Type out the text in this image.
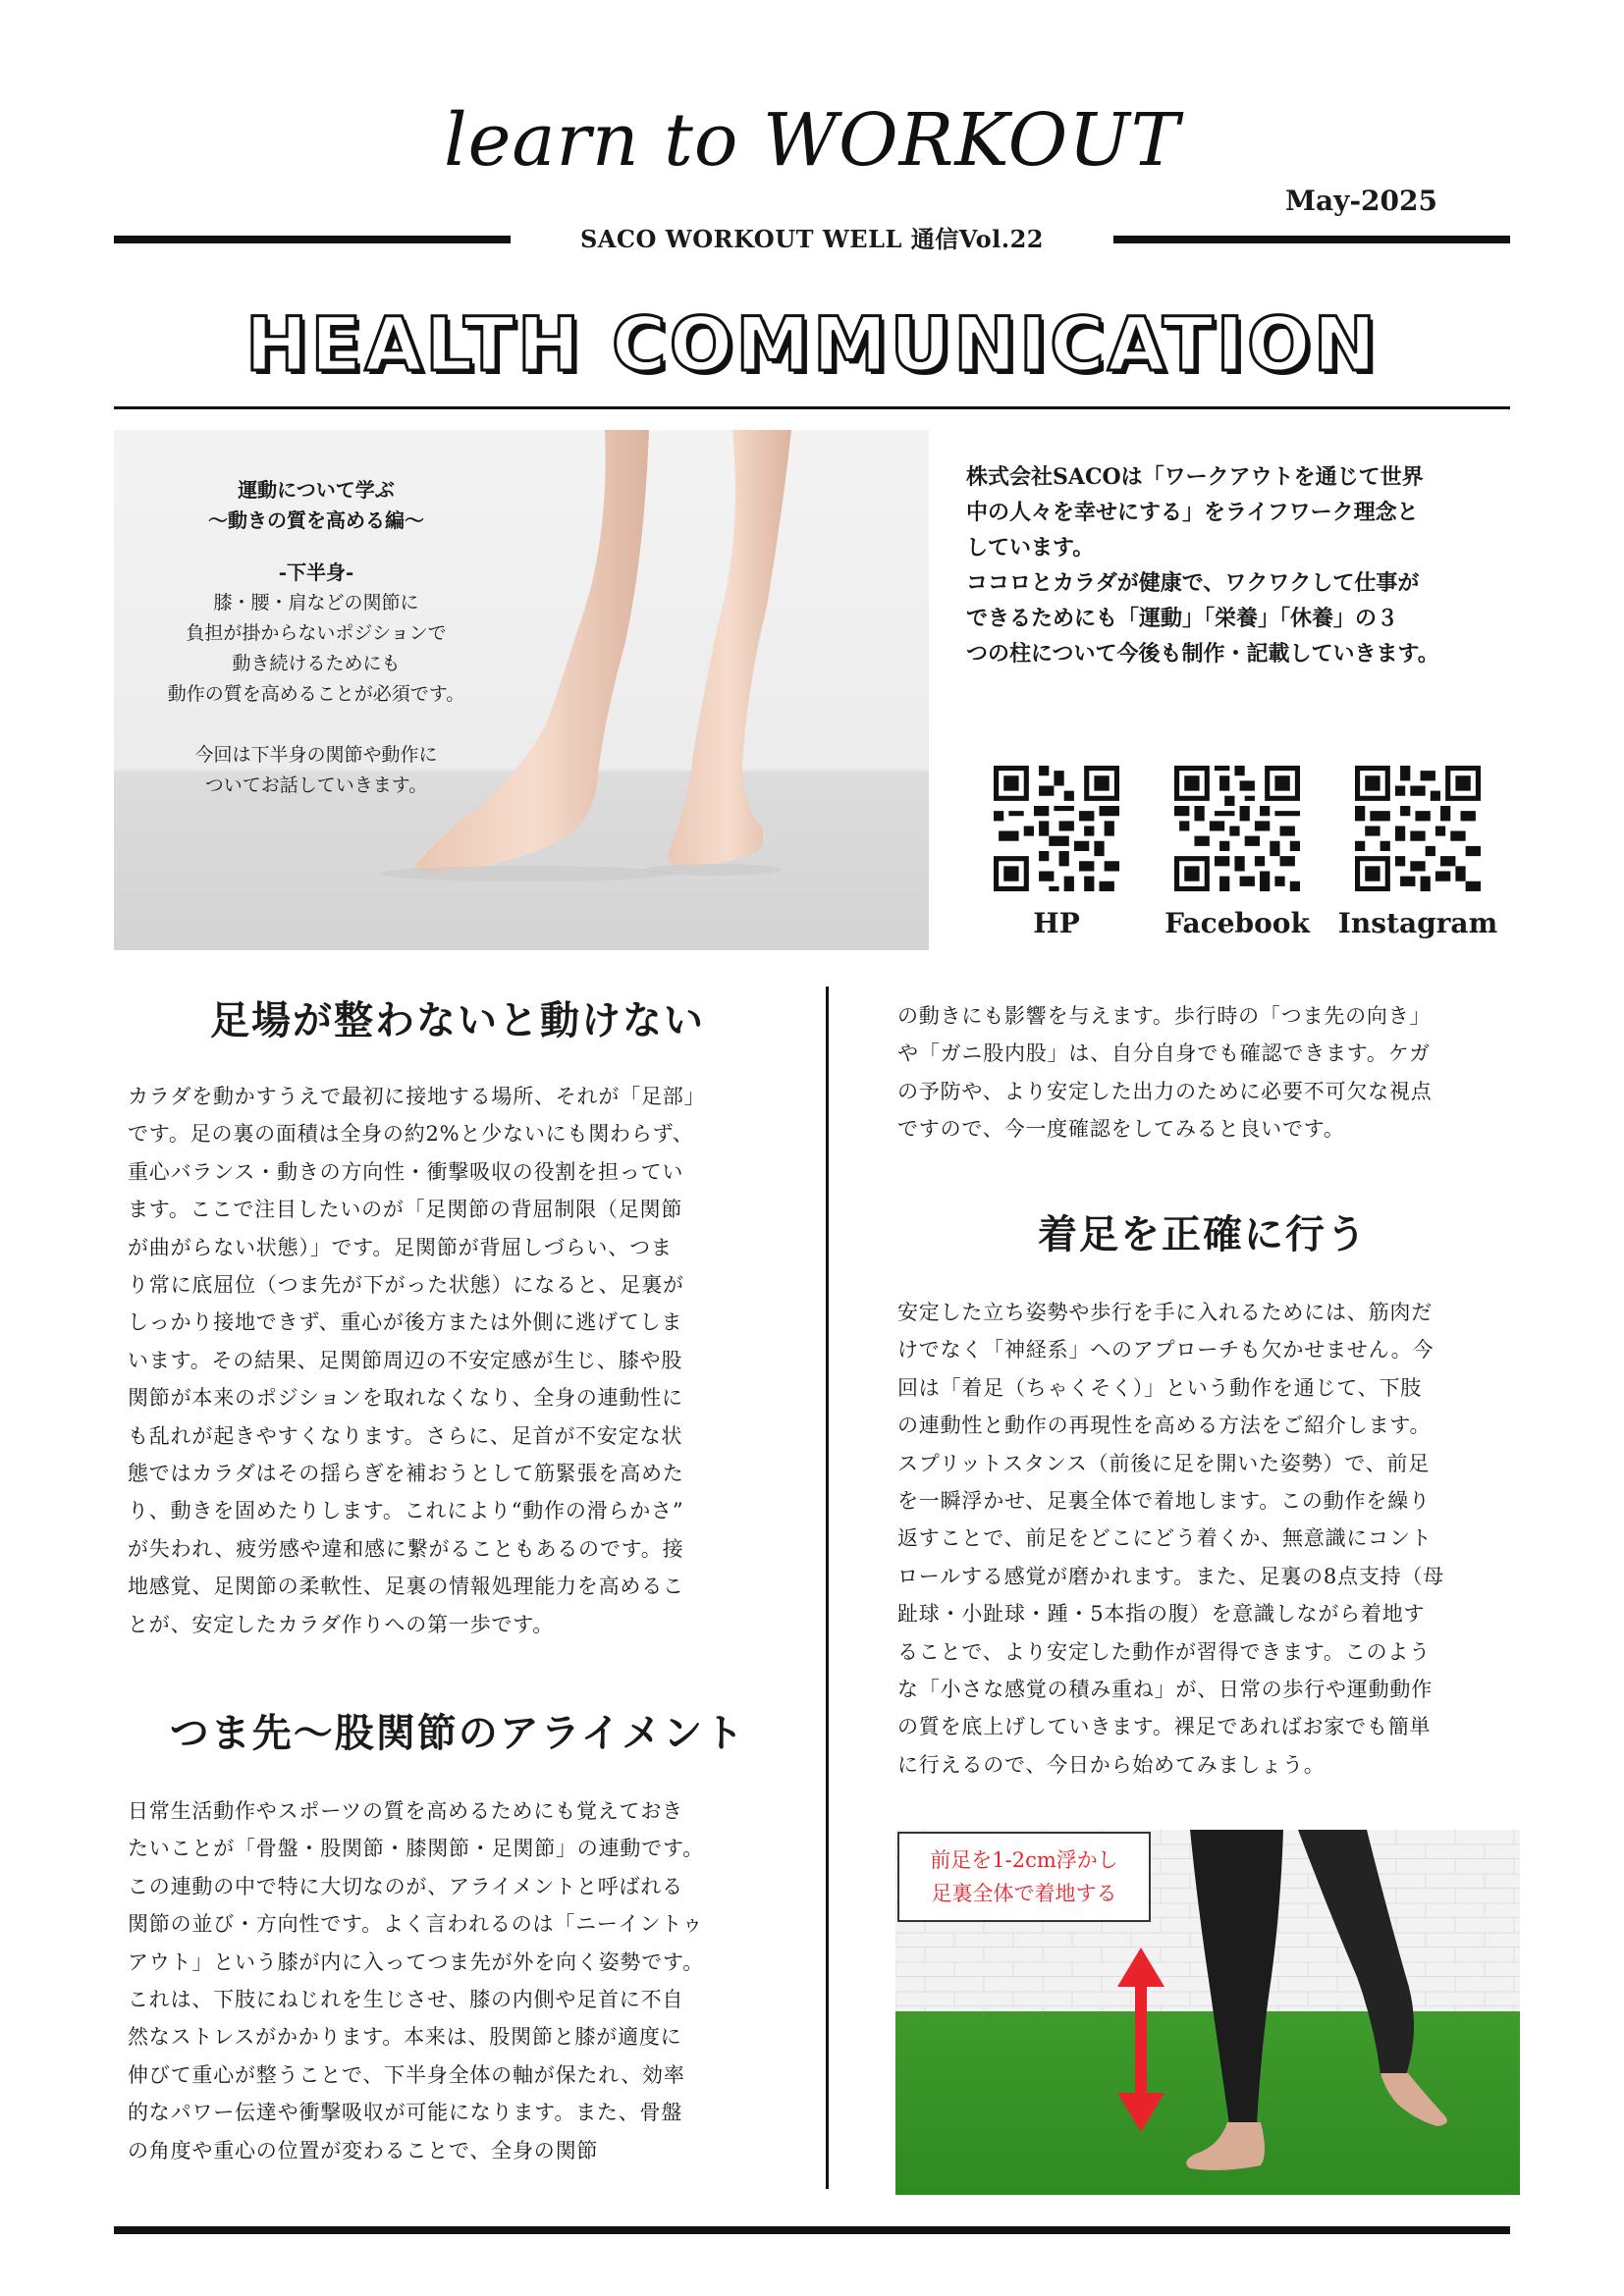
learn to WORKOUT
May-2025
SACO WORKOUT WELL 通信Vol.22
HEALTH COMMUNICATION
運動について学ぶ
〜動きの質を高める編〜
-下半身-
膝・腰・肩などの関節に
負担が掛からないポジションで
動き続けるためにも
動作の質を高めることが必須です。
今回は下半身の関節や動作に
ついてお話していきます。
株式会社SACOは「ワークアウトを通じて世界
中の人々を幸せにする」をライフワーク理念と
しています。
ココロとカラダが健康で、ワクワクして仕事が
できるためにも「運動」「栄養」「休養」の３
つの柱について今後も制作・記載していきます。
HP	Facebook	Instagram
足場が整わないと動けない
カラダを動かすうえで最初に接地する場所、それが「足部」
です。足の裏の面積は全身の約2%と少ないにも関わらず、
重心バランス・動きの方向性・衝撃吸収の役割を担ってい
ます。ここで注目したいのが「足関節の背屈制限（足関節
が曲がらない状態）」です。足関節が背屈しづらい、つま
り常に底屈位（つま先が下がった状態）になると、足裏が
しっかり接地できず、重心が後方または外側に逃げてしま
います。その結果、足関節周辺の不安定感が生じ、膝や股
関節が本来のポジションを取れなくなり、全身の連動性に
も乱れが起きやすくなります。さらに、足首が不安定な状
態ではカラダはその揺らぎを補おうとして筋緊張を高めた
り、動きを固めたりします。これにより“動作の滑らかさ”
が失われ、疲労感や違和感に繋がることもあるのです。接
地感覚、足関節の柔軟性、足裏の情報処理能力を高めるこ
とが、安定したカラダ作りへの第一歩です。
つま先〜股関節のアライメント
日常生活動作やスポーツの質を高めるためにも覚えておき
たいことが「骨盤・股関節・膝関節・足関節」の連動です。
この連動の中で特に大切なのが、アライメントと呼ばれる
関節の並び・方向性です。よく言われるのは「ニーイントゥ
アウト」という膝が内に入ってつま先が外を向く姿勢です。
これは、下肢にねじれを生じさせ、膝の内側や足首に不自
然なストレスがかかります。本来は、股関節と膝が適度に
伸びて重心が整うことで、下半身全体の軸が保たれ、効率
的なパワー伝達や衝撃吸収が可能になります。また、骨盤
の角度や重心の位置が変わることで、全身の関節
の動きにも影響を与えます。歩行時の「つま先の向き」
や「ガニ股内股」は、自分自身でも確認できます。ケガ
の予防や、より安定した出力のために必要不可欠な視点
ですので、今一度確認をしてみると良いです。
着足を正確に行う
安定した立ち姿勢や歩行を手に入れるためには、筋肉だ
けでなく「神経系」へのアプローチも欠かせません。今
回は「着足（ちゃくそく）」という動作を通じて、下肢
の連動性と動作の再現性を高める方法をご紹介します。
スプリットスタンス（前後に足を開いた姿勢）で、前足
を一瞬浮かせ、足裏全体で着地します。この動作を繰り
返すことで、前足をどこにどう着くか、無意識にコント
ロールする感覚が磨かれます。また、足裏の8点支持（母
趾球・小趾球・踵・5本指の腹）を意識しながら着地す
ることで、より安定した動作が習得できます。このよう
な「小さな感覚の積み重ね」が、日常の歩行や運動動作
の質を底上げしていきます。裸足であればお家でも簡単
に行えるので、今日から始めてみましょう。
前足を1-2cm浮かし
足裏全体で着地する
